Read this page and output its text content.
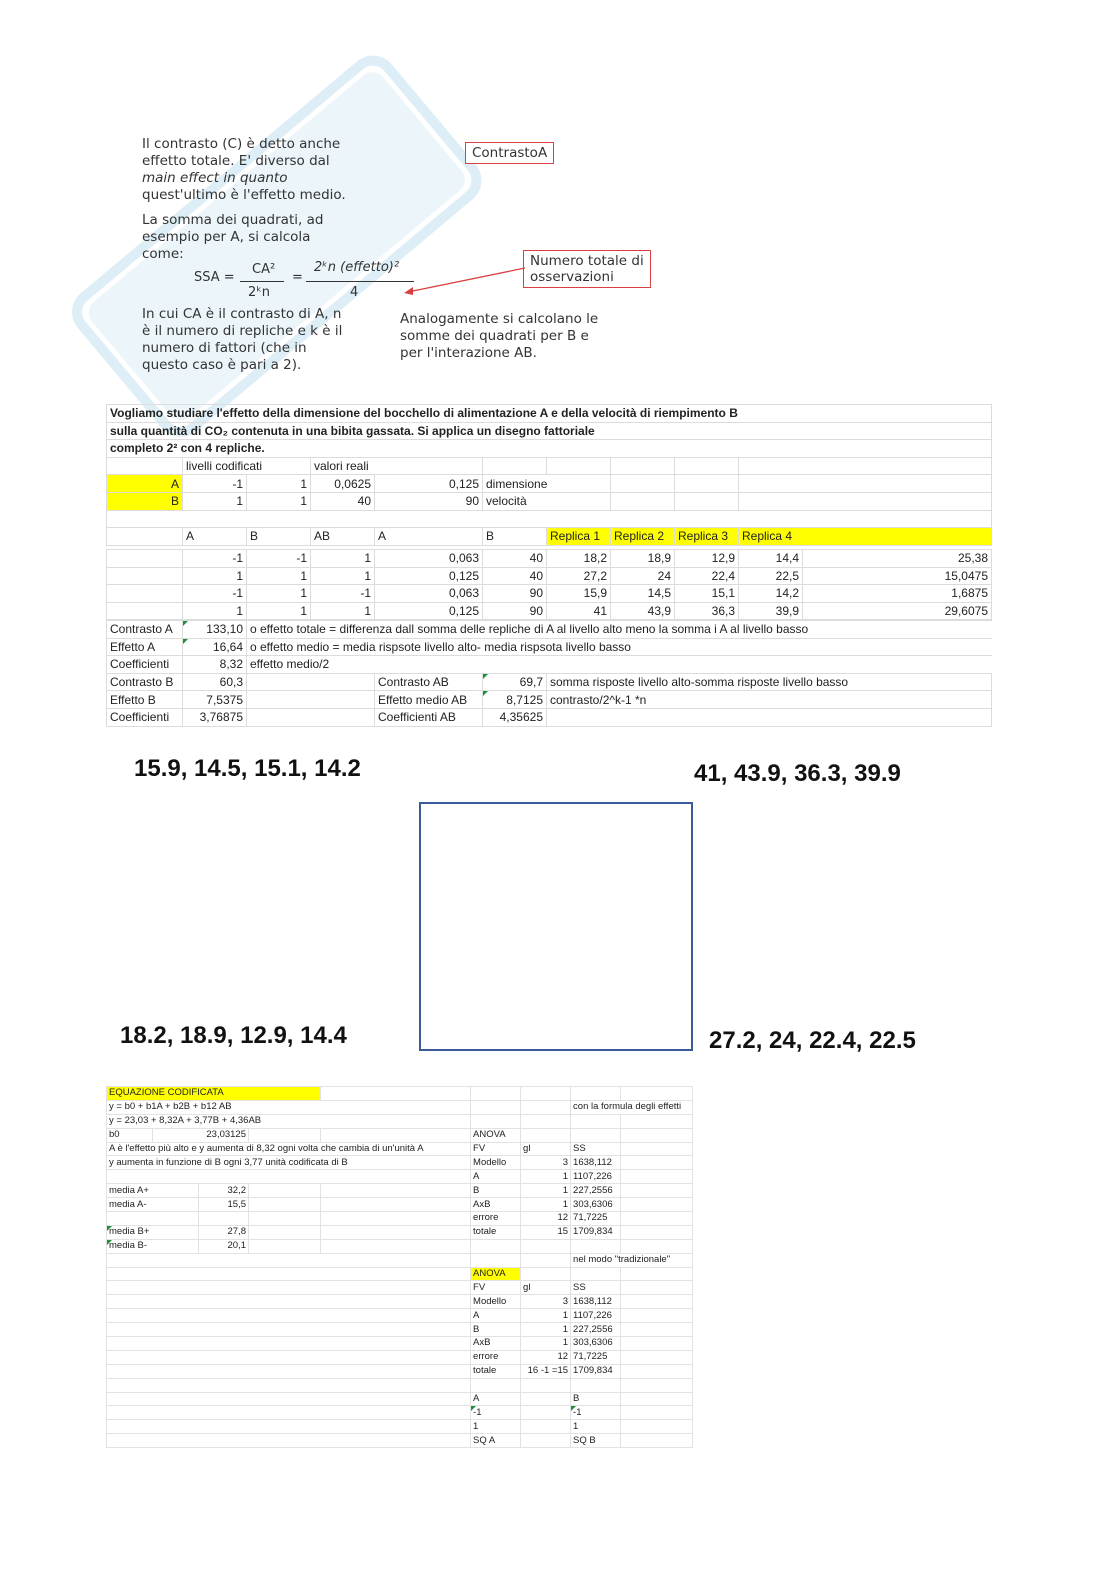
Il contrasto (C) è detto anche
effetto totale. E' diverso dal
main effect in quanto
quest'ultimo è l'effetto medio.
La somma dei quadrati, ad
esempio per A, si calcola
come:
SSA =
CA²
2ᵏn
=
2ᵏn (effetto)²
4
In cui CA è il contrasto di A, n
è il numero di repliche e k è il
numero di fattori (che in
questo caso è pari a 2).
ContrastoA
Numero totale di
osservazioni
Analogamente si calcolano le
somme dei quadrati per B e
per l'interazione AB.
Vogliamo studiare l'effetto della dimensione del bocchello di alimentazione A e della velocità di riempimento B									
sulla quantità di CO₂ contenuta in una bibita gassata. Si applica un disegno fattoriale									
completo 2² con 4 repliche.									
	livelli codificati		valori reali						
A	-1	1	0,0625	0,125	dimensione				
B	1	1	40	90	velocità				

	A	B	AB	A	B	Replica 1	Replica 2	Replica 3	Replica 4
	-1	-1	1	0,063	40	18,2	18,9	12,9	14,4	25,38
	1	1	1	0,125	40	27,2	24	22,4	22,5	15,0475
	-1	1	-1	0,063	90	15,9	14,5	15,1	14,2	1,6875
	1	1	1	0,125	90	41	43,9	36,3	39,9	29,6075
Contrasto A	133,10	o effetto totale = differenza dall somma delle repliche di A al livello alto meno la somma i A al livello basso			
Effetto A	16,64	o effetto medio = media rispsote livello alto- media rispsota livello basso			
Coefficienti	8,32	effetto medio/2			
Contrasto B	60,3		Contrasto AB	69,7	somma risposte livello alto-somma risposte livello basso
Effetto B	7,5375		Effetto medio AB	8,7125	contrasto/2^k-1 *n
Coefficienti	3,76875		Coefficienti AB	4,35625	
15.9, 14.5, 15.1, 14.2	41, 43.9, 36.3, 39.9
18.2, 18.9, 12.9, 14.4	27.2, 24, 22.4, 22.5
EQUAZIONE CODIFICATA								
y = b0 + b1A + b2B + b12 AB							con la formula degli effetti	
y = 23,03 + 8,32A + 3,77B + 4,36AB								
b0	23,03125				ANOVA			
A è l'effetto più alto e y aumenta di 8,32 ogni volta che cambia di un'unità A					FV	gl	SS	
y aumenta in funzione di B ogni 3,77 unità codificata di B					Modello	3	1638,112	
					A	1	1107,226	
media A+		32,2			B	1	227,2556	
media A-		15,5			AxB	1	303,6306	
					errore	12	71,7225	
media B+		27,8			totale	15	1709,834	
media B-		20,1						
							nel modo "tradizionale"	
					ANOVA			
					FV	gl	SS	
					Modello	3	1638,112	
					A	1	1107,226	
					B	1	227,2556	
					AxB	1	303,6306	
					errore	12	71,7225	
					totale	16 -1 =15	1709,834	

					A		B	
					-1		-1	
					1		1	
					SQ A		SQ B	
